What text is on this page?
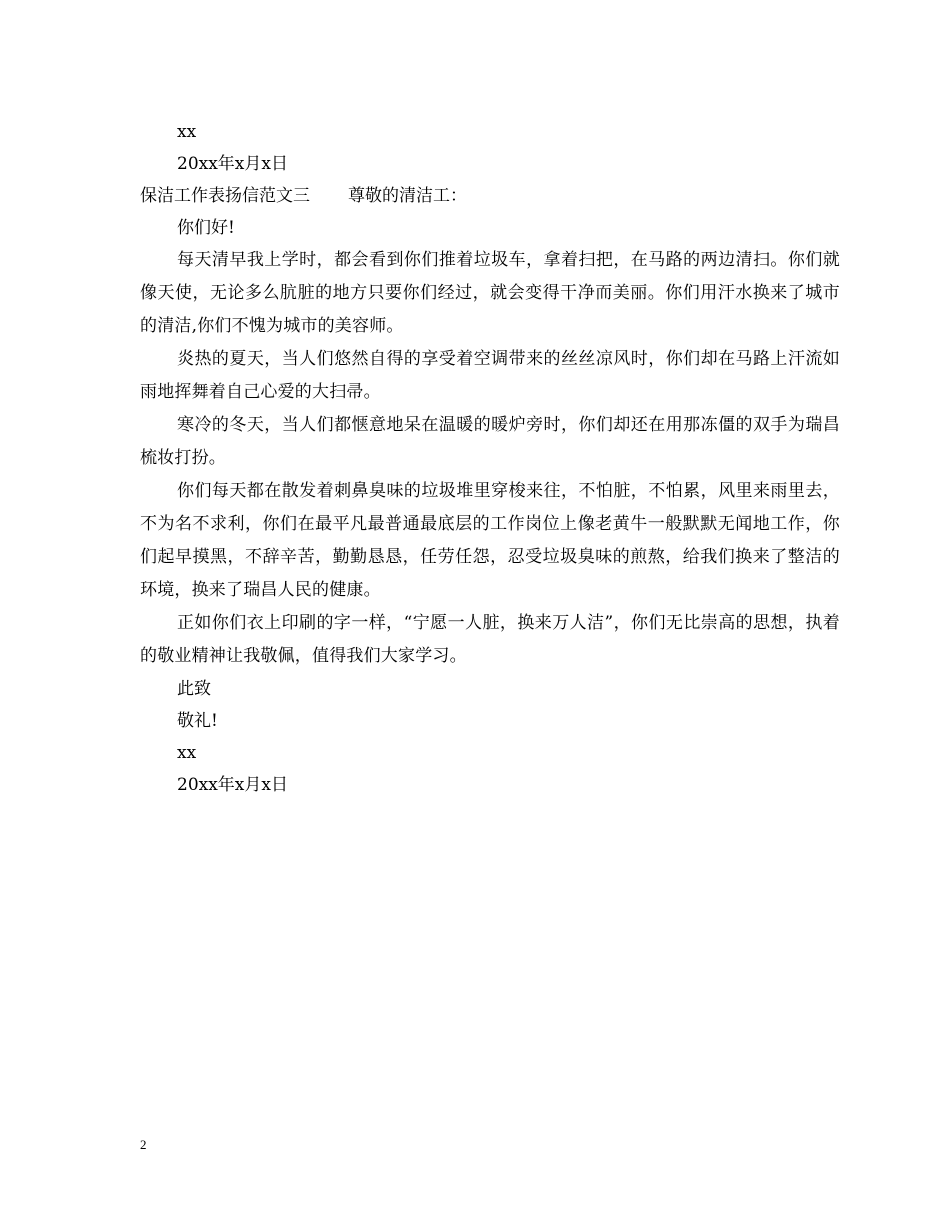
xx
20xx年x月x日
保洁工作表扬信范文三 尊敬的清洁工：
你们好!

每天清早我上学时，都会看到你们推着垃圾车，拿着扫把，在马路的两边清扫。你们就像天使，无论多么肮脏的地方只要你们经过，就会变得干净而美丽。你们用汗水换来了城市的清洁,你们不愧为城市的美容师。

炎热的夏天，当人们悠然自得的享受着空调带来的丝丝凉风时，你们却在马路上汗流如雨地挥舞着自己心爱的大扫帚。

寒冷的冬天，当人们都惬意地呆在温暖的暖炉旁时，你们却还在用那冻僵的双手为瑞昌梳妆打扮。

你们每天都在散发着刺鼻臭味的垃圾堆里穿梭来往，不怕脏，不怕累，风里来雨里去，不为名不求利，你们在最平凡最普通最底层的工作岗位上像老黄牛一般默默无闻地工作，你们起早摸黑，不辞辛苦，勤勤恳恳，任劳任怨，忍受垃圾臭味的煎熬，给我们换来了整洁的环境，换来了瑞昌人民的健康。

正如你们衣上印刷的字一样，“宁愿一人脏，换来万人洁”，你们无比崇高的思想，执着的敬业精神让我敬佩，值得我们大家学习。

此致
敬礼!
xx
20xx年x月x日
2
